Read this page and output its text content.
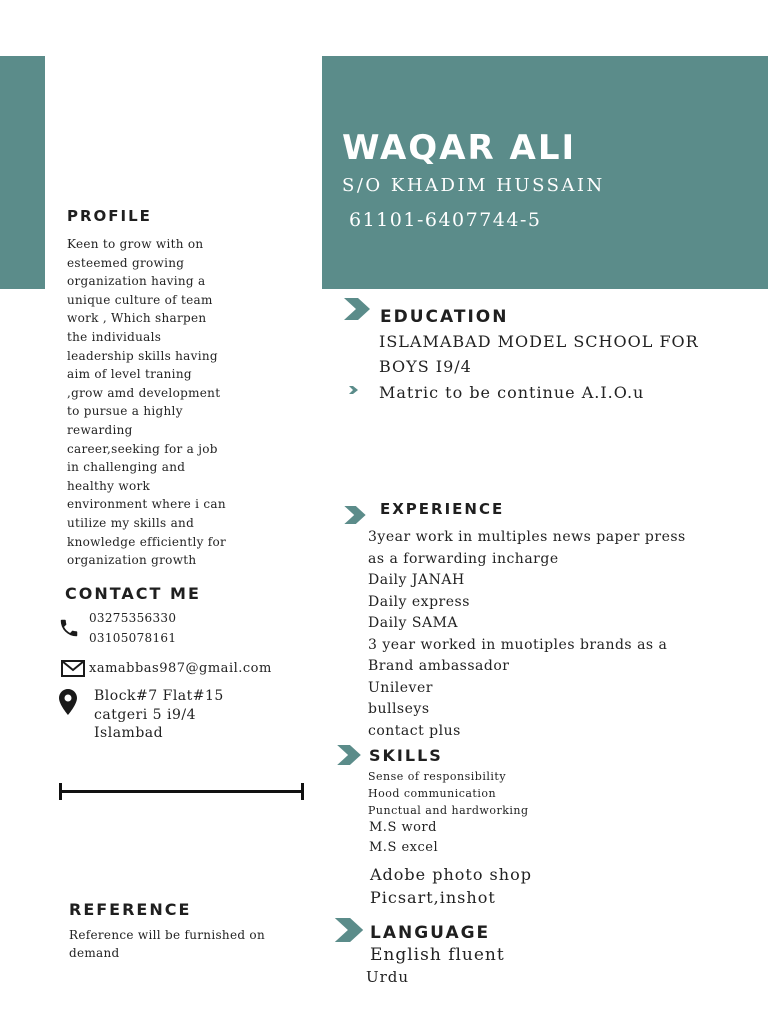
WAQAR ALI
S/O KHADIM HUSSAIN
61101-6407744-5
PROFILE
Keen to grow with on
esteemed growing
organization having a
unique culture of team
work , Which sharpen
the individuals
leadership skills having
aim of level traning
,grow amd development
to pursue a highly
rewarding
career,seeking for a job
in challenging and
healthy work
environment where i can
utilize my skills and
knowledge efficiently for
organization growth
CONTACT ME
03275356330
03105078161
xamabbas987@gmail.com
Block#7 Flat#15
catgeri 5 i9/4
Islambad
REFERENCE
Reference will be furnished on
demand
EDUCATION
ISLAMABAD MODEL SCHOOL FOR
BOYS I9/4
Matric to be continue A.I.O.u
EXPERIENCE
3year work in multiples news paper press
as a forwarding incharge
Daily JANAH
Daily express
Daily SAMA
3 year worked in muotiples brands as a
Brand ambassador
Unilever
bullseys
contact plus
SKILLS
Sense of responsibility
Hood communication
Punctual and hardworking
M.S word
M.S excel
Adobe photo shop
Picsart,inshot
LANGUAGE
English fluent
Urdu
